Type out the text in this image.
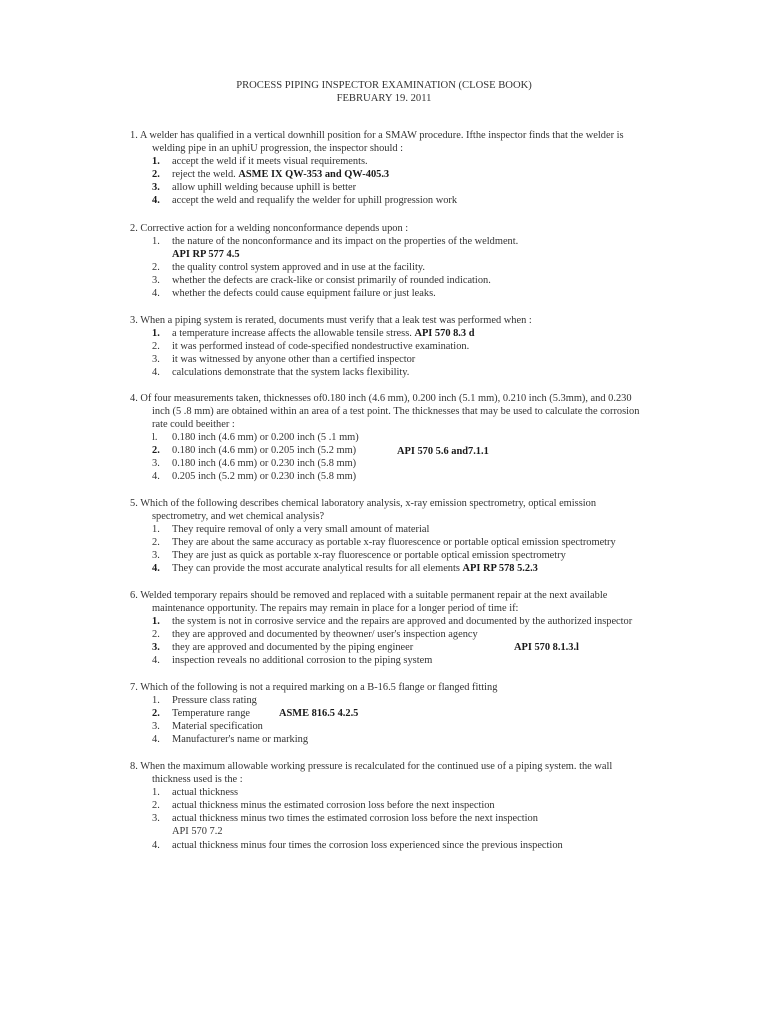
PROCESS PIPING INSPECTOR EXAMINATION (CLOSE BOOK)
FEBRUARY 19. 2011
1. A welder has qualified in a vertical downhill position for a SMAW procedure. Ifthe inspector finds that the welder is
welding pipe in an uphiU progression, the inspector should :
1. accept the weld if it meets visual requirements.
2. reject the weld. ASME IX QW-353 and QW-405.3
3. allow uphill welding because uphill is better
4. accept the weld and requalify the welder for uphill progression work
2. Corrective action for a welding nonconformance depends upon :
1. the nature of the nonconformance and its impact on the properties of the weldment.
API RP 577 4.5
2. the quality control system approved and in use at the facility.
3. whether the defects are crack-like or consist primarily of rounded indication.
4. whether the defects could cause equipment failure or just leaks.
3. When a piping system is rerated, documents must verify that a leak test was performed when :
1. a temperature increase affects the allowable tensile stress. API 570 8.3 d
2. it was performed instead of code-specified nondestructive examination.
3. it was witnessed by anyone other than a certified inspector
4. calculations demonstrate that the system lacks flexibility.
4. Of four measurements taken, thicknesses of0.180 inch (4.6 mm), 0.200 inch (5.1 mm), 0.210 inch (5.3mm), and 0.230
inch (5 .8 mm) are obtained within an area of a test point. The thicknesses that may be used to calculate the corrosion
rate could beeither :
l. 0.180 inch (4.6 mm) or 0.200 inch (5 .1 mm)
2. 0.180 inch (4.6 mm) or 0.205 inch (5.2 mm)	API 570 5.6 and7.1.1
3. 0.180 inch (4.6 mm) or 0.230 inch (5.8 mm)
4. 0.205 inch (5.2 mm) or 0.230 inch (5.8 mm)
5. Which of the following describes chemical laboratory analysis, x-ray emission spectrometry, optical emission
spectrometry, and wet chemical analysis?
1. They require removal of only a very small amount of material
2. They are about the same accuracy as portable x-ray fluorescence or portable optical emission spectrometry
3. They are just as quick as portable x-ray fluorescence or portable optical emission spectrometry
4. They can provide the most accurate analytical results for all elements API RP 578 5.2.3
6. Welded temporary repairs should be removed and replaced with a suitable permanent repair at the next available
maintenance opportunity. The repairs may remain in place for a longer period of time if:
1. the system is not in corrosive service and the repairs are approved and documented by the authorized inspector
2. they are approved and documented by theowner/ user's inspection agency
3. they are approved and documented by the piping engineer	API 570 8.1.3.l
4. inspection reveals no additional corrosion to the piping system
7. Which of the following is not a required marking on a B-16.5 flange or flanged fitting
1. Pressure class rating
2. Temperature range	ASME 816.5 4.2.5
3. Material specification
4. Manufacturer's name or marking
8. When the maximum allowable working pressure is recalculated for the continued use of a piping system. the wall
thickness used is the :
1. actual thickness
2. actual thickness minus the estimated corrosion loss before the next inspection
3. actual thickness minus two times the estimated corrosion loss before the next inspection
API 570 7.2
4. actual thickness minus four times the corrosion loss experienced since the previous inspection
